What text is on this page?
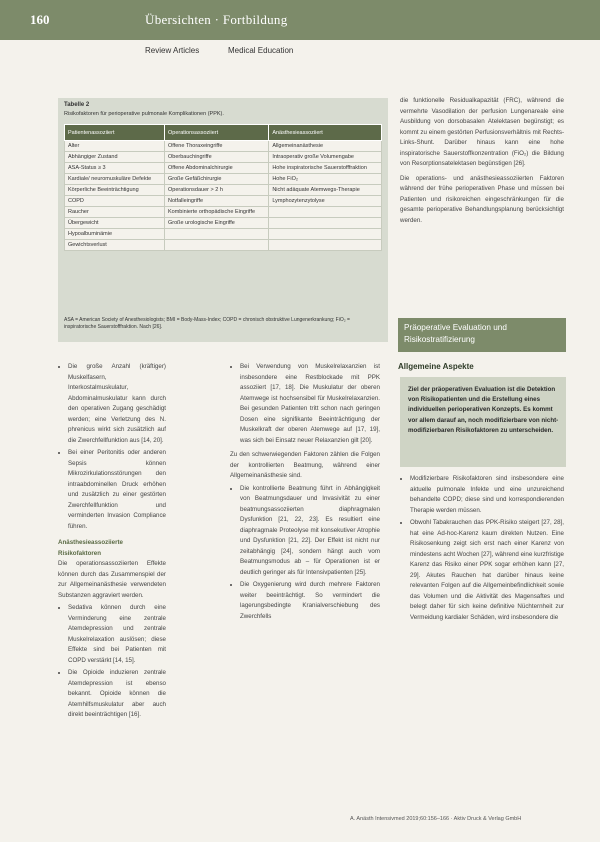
160	Übersichten · Fortbildung
Review Articles	Medical Education
Tabelle 2
Risikofaktoren für perioperative pulmonale Komplikationen (PPK).
Patientenassoziiert	Operationsassoziiert	Anästhesieassoziiert
Alter	Offene Thoraxeingriffe	Allgemeinanästhesie
Abhängiger Zustand	Oberbauchingriffe	Intraoperativ große Volumengabe
ASA-Status ≥ 3	Offene Abdominalchirurgie	Hohe inspiratorische Sauerstofffraktion
Kardiale/ neuromuskuläre Defekte	Große Gefäßchirurgie	Hohe FiO₂
Körperliche Beeinträchtigung	Operationsdauer > 2 h	Nicht adäquate Atemwegs-Therapie
COPD	Notfalleingriffe	Lymphozytenzytolyse
Raucher	Kombinierte orthopädische Eingriffe	
Übergewicht	Große urologische Eingriffe	
Hypoalbuminämie		
Gewichtsverlust		
ASA = American Society of Anesthesiologists; BMI = Body-Mass-Index; COPD = chronisch obstruktive Lungenerkrankung; FiO₂ = inspiratorische Sauerstofffraktion. Nach [26].
• Die große Anzahl (kräftiger) Muskelfasern, Interkostalmuskulatur, Abdominalmuskulatur kann durch den operativen Zugang geschädigt werden; eine Verletzung des N. phrenicus wirkt sich zusätzlich auf die Zwerchfellfunktion aus [14, 20].
• Bei einer Peritonitis oder anderen Sepsis können Mikrozirkulationsstörungen den intraabdominellen Druck erhöhen und zusätzlich zu einer gestörten Zwerchfellfunktion und verminderten Invasion Compliance führen.

Anästhesieassoziierte Risikofaktoren

Die operationsassoziierten Effekte können durch das Zusammenspiel der zur Allgemeinanästhesie verwendeten Substanzen aggraviert werden.

• Sedativa können durch eine Verminderung eine zentrale Atemdepression und zentrale Muskelrelaxation auslösen; diese Effekte sind bei Patienten mit COPD verstärkt [14, 15].
• Die Opioide induzieren zentrale Atemdepression ist ebenso bekannt. Opioide können die Atemhilfsmuskulatur aber auch direkt beeinträchtigen [16].
• Bei Verwendung von Muskelrelaxanzien ist insbesondere eine Restblockade mit PPK assoziiert [17, 18]. Die Muskulatur der oberen Atemwege ist hochsensibel für Muskelrelaxanzien. Bei gesunden Patienten tritt schon nach geringen Dosen eine signifikante Beeinträchtigung der Muskelkraft der oberen Atemwege auf [17, 19], was sich bei Einsatz neuer Relaxanzien gilt [20].

Zu den schwerwiegenden Faktoren zählen die Folgen der kontrollierten Beatmung, während einer Allgemeinanästhesie sind.

• Die kontrollierte Beatmung führt in Abhängigkeit von Beatmungsdauer und Invasivität zu einer beatmungsassoziierten diaphragmalen Dysfunktion [21, 22, 23]. Es resultiert eine diaphragmale Proteolyse mit konsekutiver Atrophie und Dysfunktion [21, 22]. Der Effekt ist nicht nur zeitabhängig [24], sondern hängt auch vom Beatmungsmodus ab – für Operationen ist er deutlich geringer als für Intensivpatienten [25].
• Die Oxygenierung wird durch mehrere Faktoren weiter beeinträchtigt. So vermindert die lagerungsbedingte Kranialverschiebung des Zwerchfells

die funktionelle Residualkapazität (FRC), während die vermehrte Vasodilation der perfusion Lungenareale eine Ausbildung von dorsobasalen Atelektasen begünstigt; es kommt zu einem gestörten Perfusionsverhältnis mit Rechts-Links-Shunt. Darüber hinaus kann eine hohe inspiratorische Sauerstoffkonzentration (FiO₂) die Bildung von Resorptionsatelektasen begünstigen [26].

Die operations- und anästhesieassoziierten Faktoren während der frühe perioperativen Phase und müssen bei Patienten und risikoreichen eingeschränkungen für die gesamte perioperative Behandlungsplanung berücksichtigt werden.

Präoperative Evaluation und Risikostratifizierung
Allgemeine Aspekte
Ziel der präoperativen Evaluation ist die Detektion von Risikopatienten und die Erstellung eines individuellen perioperativen Konzepts. Es kommt vor allem darauf an, noch modifizierbare von nicht-modifizierbaren Risikofaktoren zu unterscheiden.
• Modifizierbare Risikofaktoren sind insbesondere eine aktuelle pulmonale Infekte und eine unzureichend behandelte COPD; diese sind und korrespondierenden Therapie werden müssen.
• Obwohl Tabakrauchen das PPK-Risiko steigert [27, 28], hat eine Ad-hoc-Karenz kaum direkten Nutzen. Eine Risikosenkung zeigt sich erst nach einer Karenz von mindestens acht Wochen [27], während eine kurzfristige Karenz das Risiko einer PPK sogar erhöhen kann [27, 29]. Akutes Rauchen hat darüber hinaus keine relevanten Folgen auf die Allgemeinbefindlichkeit sowie das Volumen und die Aktivität des Magensaftes und belegt daher für sich keine definitive Nüchternheit zur Vermeidung kardialer Schäden, wird insbesondere die
A. Anästh Intensivmed 2019;60:156–166 · Aktiv Druck & Verlag GmbH
